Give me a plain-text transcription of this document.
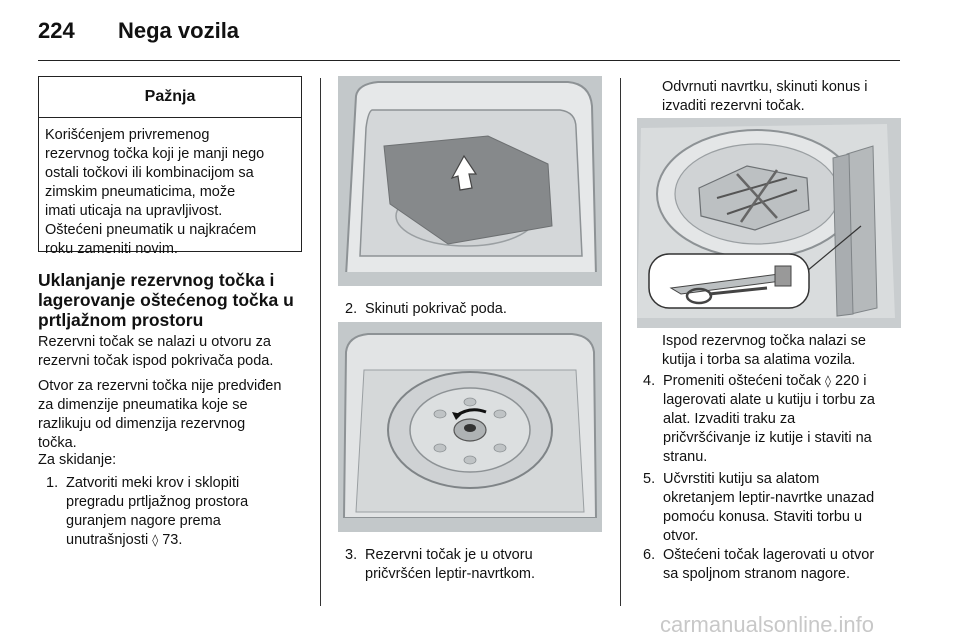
224 Nega vozila
Pažnja
Korišćenjem privremenog
rezervnog točka koji je manji nego
ostali točkovi ili kombinacijom sa
zimskim pneumaticima, može
imati uticaja na upravljivost.
Oštećeni pneumatik u najkraćem
roku zameniti novim.
Uklanjanje rezervnog točka i
lagerovanje oštećenog točka u
prtljažnom prostoru
Rezervni točak se nalazi u otvoru za
rezervni točak ispod pokrivača poda.
Otvor za rezervni točka nije predviđen
za dimenzije pneumatika koje se
razlikuju od dimenzija rezervnog
točka.
Za skidanje:
1. Zatvoriti meki krov i sklopiti
pregradu prtljažnog prostora
guranjem nagore prema
unutrašnjosti ◊ 73.
2. Skinuti pokrivač poda.
3. Rezervni točak je u otvoru
pričvršćen leptir-navrtkom.
Odvrnuti navrtku, skinuti konus i
izvaditi rezervni točak.
Ispod rezervnog točka nalazi se
kutija i torba sa alatima vozila.
4. Promeniti oštećeni točak ◊ 220 i
lagerovati alate u kutiju i torbu za
alat. Izvaditi traku za
pričvršćivanje iz kutije i staviti na
stranu.
5. Učvrstiti kutiju sa alatom
okretanjem leptir-navrtke unazad
pomoću konusa. Staviti torbu u
otvor.
6. Oštećeni točak lagerovati u otvor
sa spoljnom stranom nagore.
carmanualsonline.info
